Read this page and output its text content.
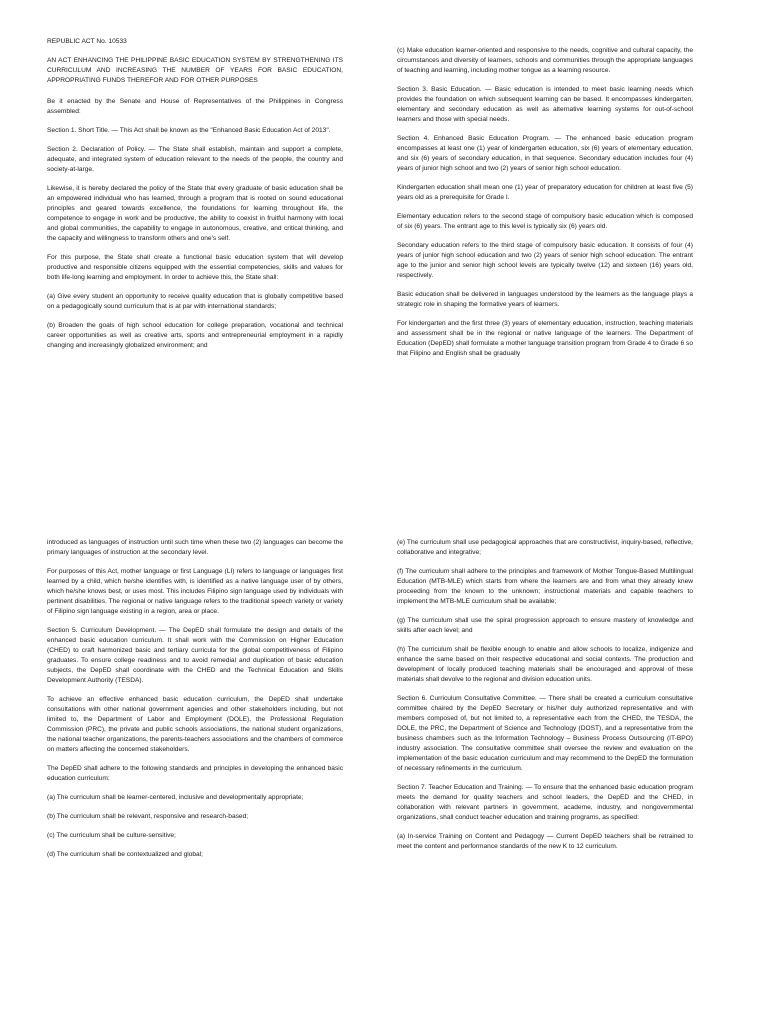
REPUBLIC ACT No. 10533

AN ACT ENHANCING THE PHILIPPINE BASIC EDUCATION SYSTEM BY STRENGTHENING ITS CURRICULUM AND INCREASING THE NUMBER OF YEARS FOR BASIC EDUCATION, APPROPRIATING FUNDS THEREFOR AND FOR OTHER PURPOSES

Be it enacted by the Senate and House of Representatives of the Philippines in Congress assembled:

Section 1. Short Title. — This Act shall be known as the "Enhanced Basic Education Act of 2013".

Section 2. Declaration of Policy. — The State shall establish, maintain and support a complete, adequate, and integrated system of education relevant to the needs of the people, the country and society-at-large.

Likewise, it is hereby declared the policy of the State that every graduate of basic education shall be an empowered individual who has learned, through a program that is rooted on sound educational principles and geared towards excellence, the foundations for learning throughout life, the competence to engage in work and be productive, the ability to coexist in fruitful harmony with local and global communities, the capability to engage in autonomous, creative, and critical thinking, and the capacity and willingness to transform others and one's self.

For this purpose, the State shall create a functional basic education system that will develop productive and responsible citizens equipped with the essential competencies, skills and values for both life-long learning and employment. In order to achieve this, the State shall:

(a) Give every student an opportunity to receive quality education that is globally competitive based on a pedagogically sound curriculum that is at par with international standards;

(b) Broaden the goals of high school education for college preparation, vocational and technical career opportunities as well as creative arts, sports and entrepreneurial employment in a rapidly changing and increasingly globalized environment; and

(c) Make education learner-oriented and responsive to the needs, cognitive and cultural capacity, the circumstances and diversity of learners, schools and communities through the appropriate languages of teaching and learning, including mother tongue as a learning resource.

Section 3. Basic Education. — Basic education is intended to meet basic learning needs which provides the foundation on which subsequent learning can be based. It encompasses kindergarten, elementary and secondary education as well as alternative learning systems for out-of-school learners and those with special needs.

Section 4. Enhanced Basic Education Program. — The enhanced basic education program encompasses at least one (1) year of kindergarten education, six (6) years of elementary education, and six (6) years of secondary education, in that sequence. Secondary education includes four (4) years of junior high school and two (2) years of senior high school education.

Kindergarten education shall mean one (1) year of preparatory education for children at least five (5) years old as a prerequisite for Grade I.

Elementary education refers to the second stage of compulsory basic education which is composed of six (6) years. The entrant age to this level is typically six (6) years old.

Secondary education refers to the third stage of compulsory basic education. It consists of four (4) years of junior high school education and two (2) years of senior high school education. The entrant age to the junior and senior high school levels are typically twelve (12) and sixteen (16) years old, respectively.

Basic education shall be delivered in languages understood by the learners as the language plays a strategic role in shaping the formative years of learners.

For kindergarten and the first three (3) years of elementary education, instruction, teaching materials and assessment shall be in the regional or native language of the learners. The Department of Education (DepED) shall formulate a mother language transition program from Grade 4 to Grade 6 so that Filipino and English shall be gradually

introduced as languages of instruction until such time when these two (2) languages can become the primary languages of instruction at the secondary level.

For purposes of this Act, mother language or first Language (LI) refers to language or languages first learned by a child, which he/she identifies with, is identified as a native language user of by others, which he/she knows best, or uses most. This includes Filipino sign language used by individuals with pertinent disabilities. The regional or native language refers to the traditional speech variety or variety of Filipino sign language existing in a region, area or place.

Section 5. Curriculum Development. — The DepED shall formulate the design and details of the enhanced basic education curriculum. It shall work with the Commission on Higher Education (CHED) to craft harmonized basic and tertiary curricula for the global competitiveness of Filipino graduates. To ensure college readiness and to avoid remedial and duplication of basic education subjects, the DepED shall coordinate with the CHED and the Technical Education and Skills Development Authority (TESDA).

To achieve an effective enhanced basic education curriculum, the DepED shall undertake consultations with other national government agencies and other stakeholders including, but not limited to, the Department of Labor and Employment (DOLE), the Professional Regulation Commission (PRC), the private and public schools associations, the national student organizations, the national teacher organizations, the parents-teachers associations and the chambers of commerce on matters affecting the concerned stakeholders.

The DepED shall adhere to the following standards and principles in developing the enhanced basic education curriculum:

(a) The curriculum shall be learner-centered, inclusive and developmentally appropriate;

(b) The curriculum shall be relevant, responsive and research-based;

(c) The curriculum shall be culture-sensitive;

(d) The curriculum shall be contextualized and global;

(e) The curriculum shall use pedagogical approaches that are constructivist, inquiry-based, reflective, collaborative and integrative;

(f) The curriculum shall adhere to the principles and framework of Mother Tongue-Based Multilingual Education (MTB-MLE) which starts from where the learners are and from what they already knew proceeding from the known to the unknown; instructional materials and capable teachers to implement the MTB-MLE curriculum shall be available;

(g) The curriculum shall use the spiral progression approach to ensure mastery of knowledge and skills after each level; and

(h) The curriculum shall be flexible enough to enable and allow schools to localize, indigenize and enhance the same based on their respective educational and social contexts. The production and development of locally produced teaching materials shall be encouraged and approval of these materials shall devolve to the regional and division education units.

Section 6. Curriculum Consultative Committee. — There shall be created a curriculum consultative committee chaired by the DepED Secretary or his/her duly authorized representative and with members composed of, but not limited to, a representative each from the CHED, the TESDA, the DOLE, the PRC, the Department of Science and Technology (DOST), and a representative from the business chambers such as the Information Technology – Business Process Outsourcing (IT-BPO) industry association. The consultative committee shall oversee the review and evaluation on the implementation of the basic education curriculum and may recommend to the DepED the formulation of necessary refinements in the curriculum.

Section 7. Teacher Education and Training. — To ensure that the enhanced basic education program meets the demand for quality teachers and school leaders, the DepED and the CHED, in collaboration with relevant partners in government, academe, industry, and nongovernmental organizations, shall conduct teacher education and training programs, as specified:

(a) In-service Training on Content and Pedagogy — Current DepED teachers shall be retrained to meet the content and performance standards of the new K to 12 curriculum.
